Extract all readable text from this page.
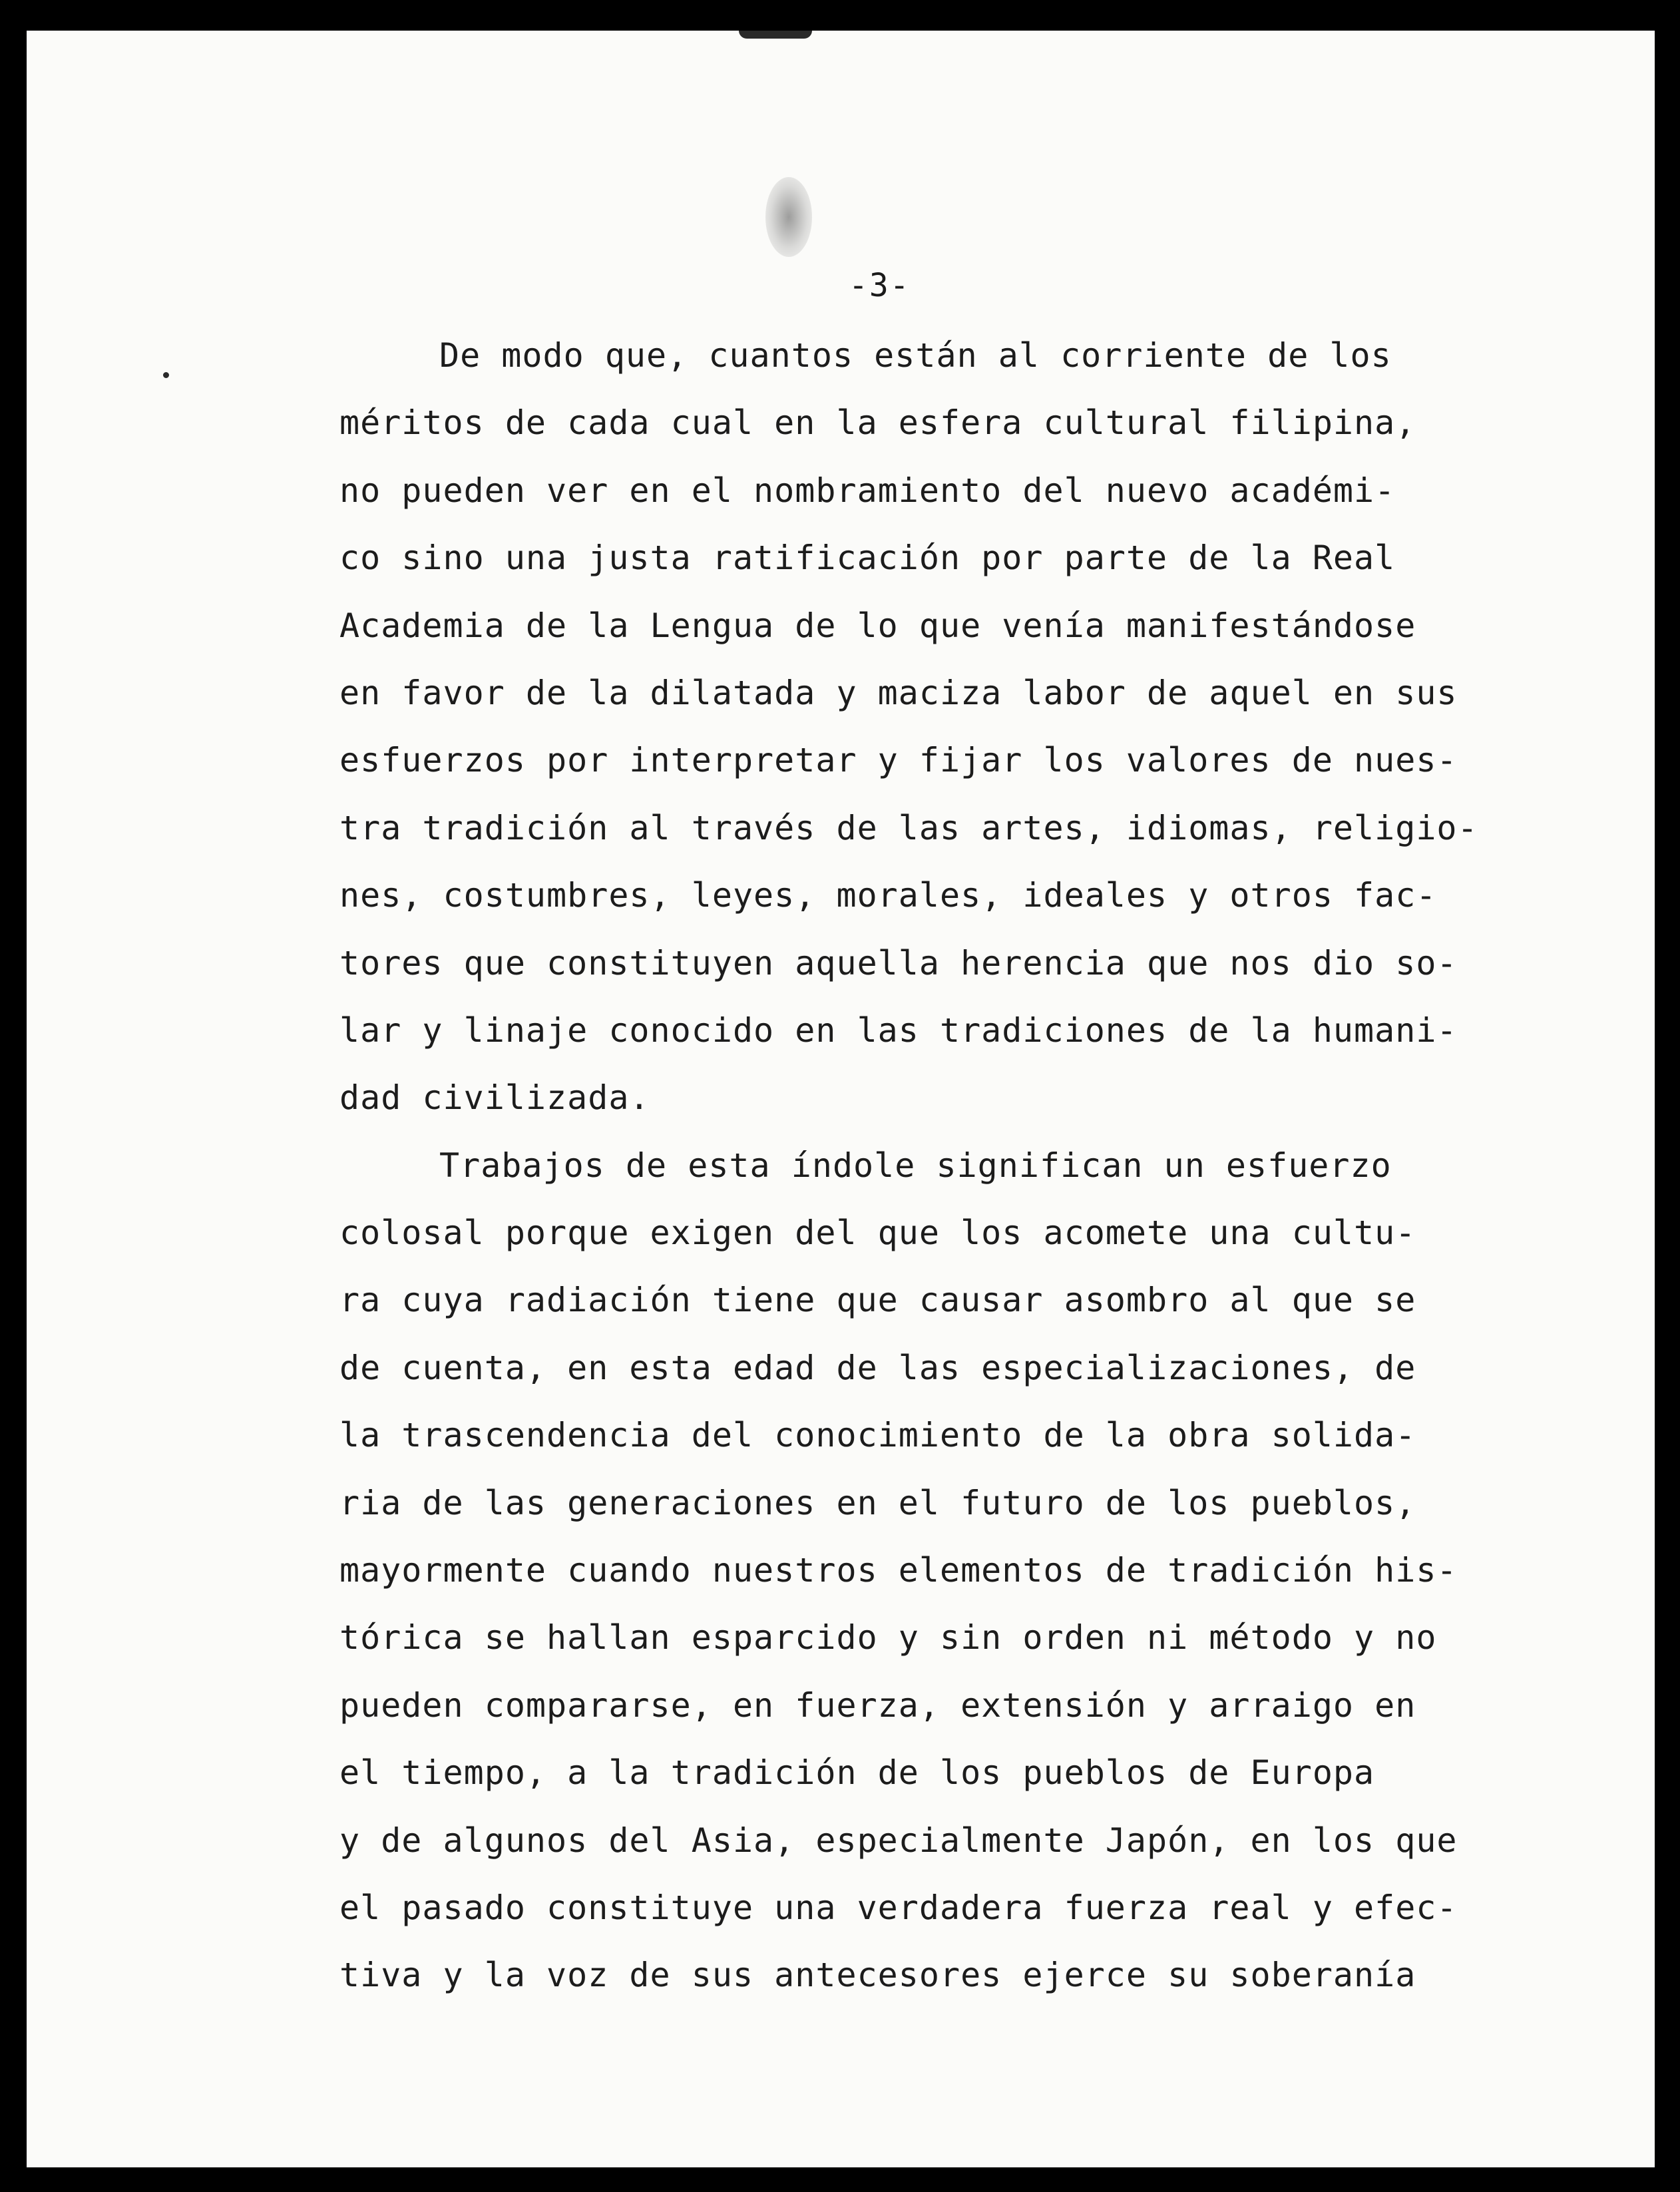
-3-
De modo que, cuantos están al corriente de los
méritos de cada cual en la esfera cultural filipina,
no pueden ver en el nombramiento del nuevo académi-
co sino una justa ratificación por parte de la Real
Academia de la Lengua de lo que venía manifestándose
en favor de la dilatada y maciza labor de aquel en sus
esfuerzos por interpretar y fijar los valores de nues-
tra tradición al través de las artes, idiomas, religio-
nes, costumbres, leyes, morales, ideales y otros fac-
tores que constituyen aquella herencia que nos dio so-
lar y linaje conocido en las tradiciones de la humani-
dad civilizada.
Trabajos de esta índole significan un esfuerzo
colosal porque exigen del que los acomete una cultu-
ra cuya radiación tiene que causar asombro al que se
de cuenta, en esta edad de las especializaciones, de
la trascendencia del conocimiento de la obra solida-
ria de las generaciones en el futuro de los pueblos,
mayormente cuando nuestros elementos de tradición his-
tórica se hallan esparcido y sin orden ni método y no
pueden compararse, en fuerza, extensión y arraigo en
el tiempo, a la tradición de los pueblos de Europa
y de algunos del Asia, especialmente Japón, en los que
el pasado constituye una verdadera fuerza real y efec-
tiva y la voz de sus antecesores ejerce su soberanía
